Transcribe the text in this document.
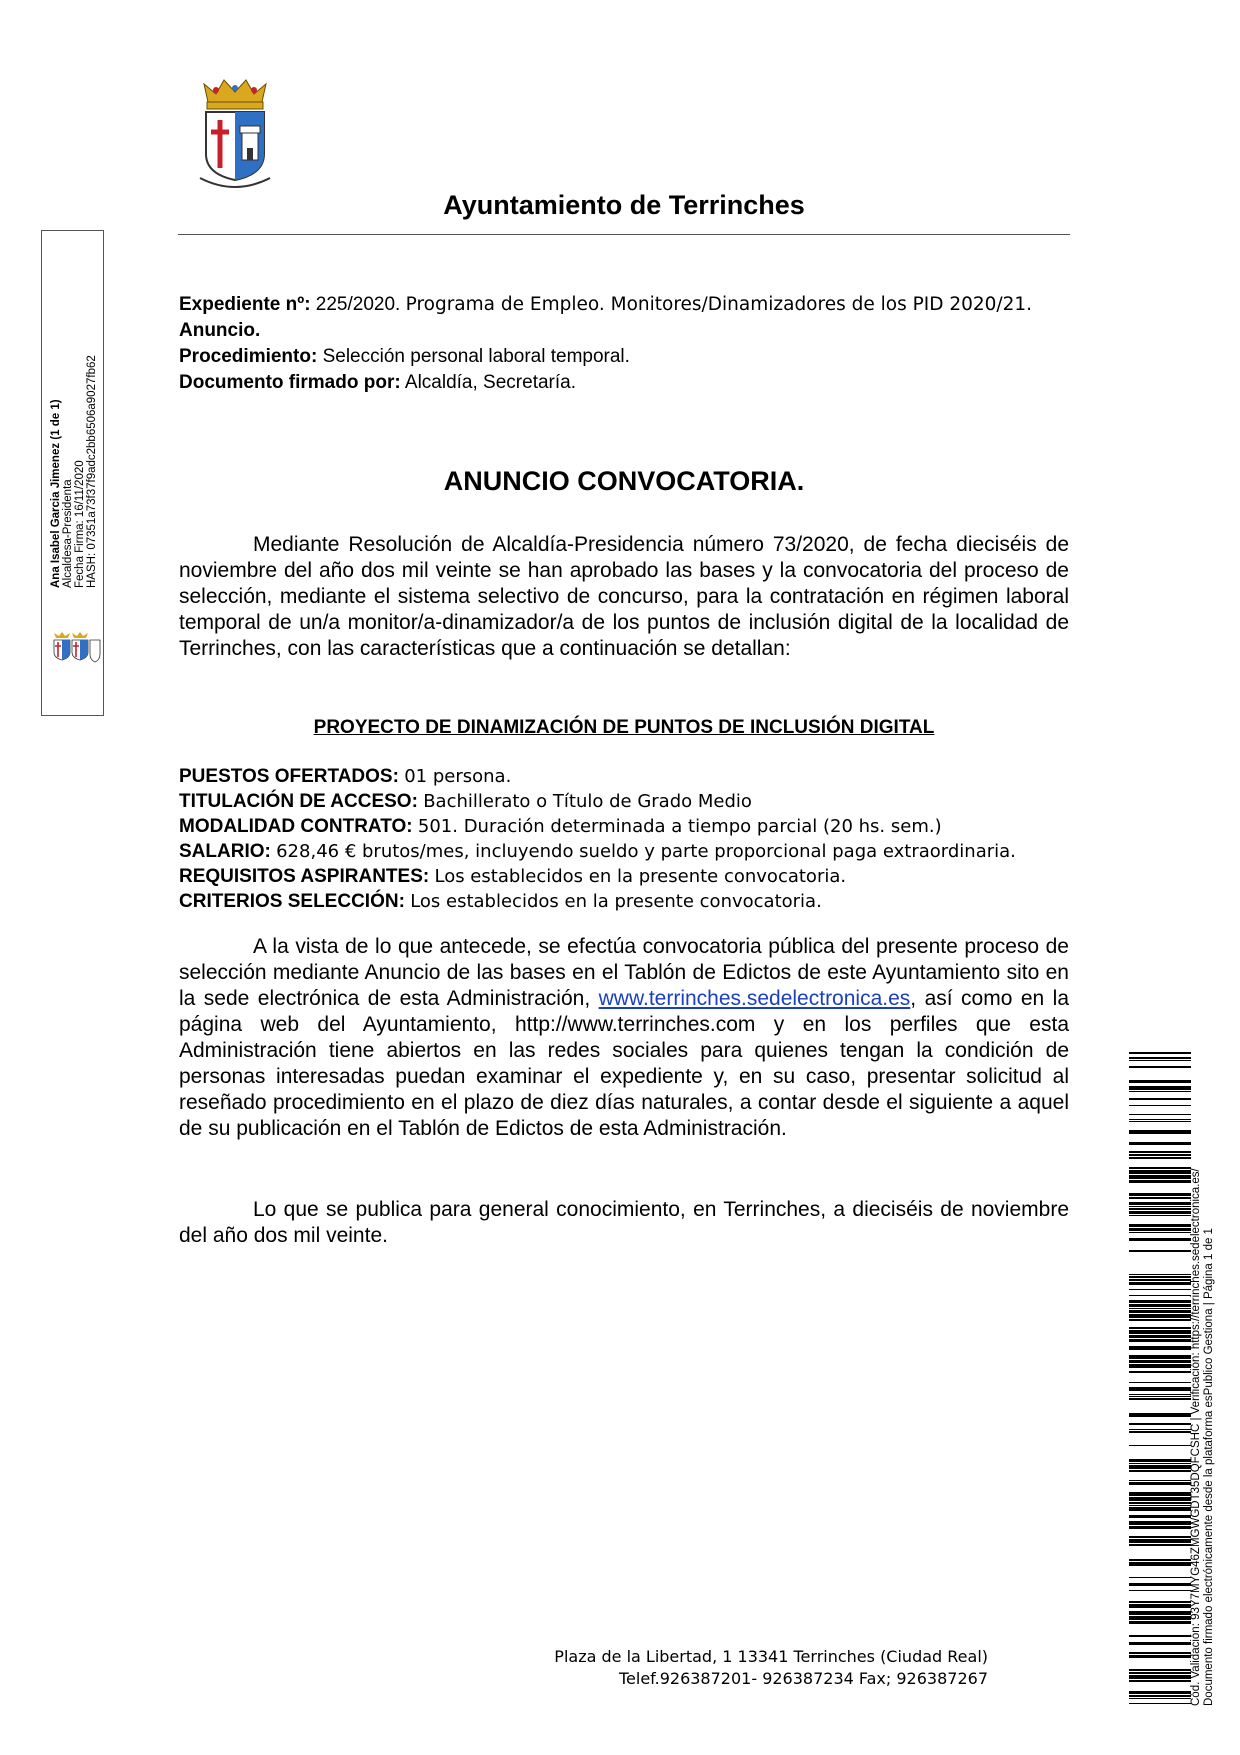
Ayuntamiento de Terrinches
Expediente nº: 225/2020. Programa de Empleo. Monitores/Dinamizadores de los PID 2020/21.
Anuncio.
Procedimiento: Selección personal laboral temporal.
Documento firmado por: Alcaldía, Secretaría.
ANUNCIO CONVOCATORIA.
Mediante Resolución de Alcaldía-Presidencia número 73/2020, de fecha dieciséis de noviembre del año dos mil veinte se han aprobado las bases y la convocatoria del proceso de selección, mediante el sistema selectivo de concurso, para la contratación en régimen laboral temporal de un/a monitor/a-dinamizador/a de los puntos de inclusión digital de la localidad de Terrinches, con las características que a continuación se detallan:
PROYECTO DE DINAMIZACIÓN DE PUNTOS DE INCLUSIÓN DIGITAL
PUESTOS OFERTADOS: 01 persona.
TITULACIÓN DE ACCESO: Bachillerato o Título de Grado Medio
MODALIDAD CONTRATO: 501. Duración determinada a tiempo parcial (20 hs. sem.)
SALARIO: 628,46 € brutos/mes, incluyendo sueldo y parte proporcional paga extraordinaria.
REQUISITOS ASPIRANTES: Los establecidos en la presente convocatoria.
CRITERIOS SELECCIÓN: Los establecidos en la presente convocatoria.
A la vista de lo que antecede, se efectúa convocatoria pública del presente proceso de selección mediante Anuncio de las bases en el Tablón de Edictos de este Ayuntamiento sito en la sede electrónica de esta Administración, www.terrinches.sedelectronica.es, así como en la página web del Ayuntamiento, http://www.terrinches.com y en los perfiles que esta Administración tiene abiertos en las redes sociales para quienes tengan la condición de personas interesadas puedan examinar el expediente y, en su caso, presentar solicitud al reseñado procedimiento en el plazo de diez días naturales, a contar desde el siguiente a aquel de su publicación en el Tablón de Edictos de esta Administración.
Lo que se publica para general conocimiento, en Terrinches, a dieciséis de noviembre del año dos mil veinte.
Ana Isabel Garcia Jimenez (1 de 1) Alcaldesa-Presidenta Fecha Firma: 16/11/2020 HASH: 07351a73f37f9adc2bb6506a9027fb62
Plaza de la Libertad, 1 13341 Terrinches (Ciudad Real)
Telef.926387201- 926387234 Fax; 926387267	Cód. Validación: 93Y7MYG46ZMGWGDT35DQFCSHC | Verificación: https://terrinches.sedelectronica.es/ Documento firmado electrónicamente desde la plataforma esPublico Gestiona | Página 1 de 1
